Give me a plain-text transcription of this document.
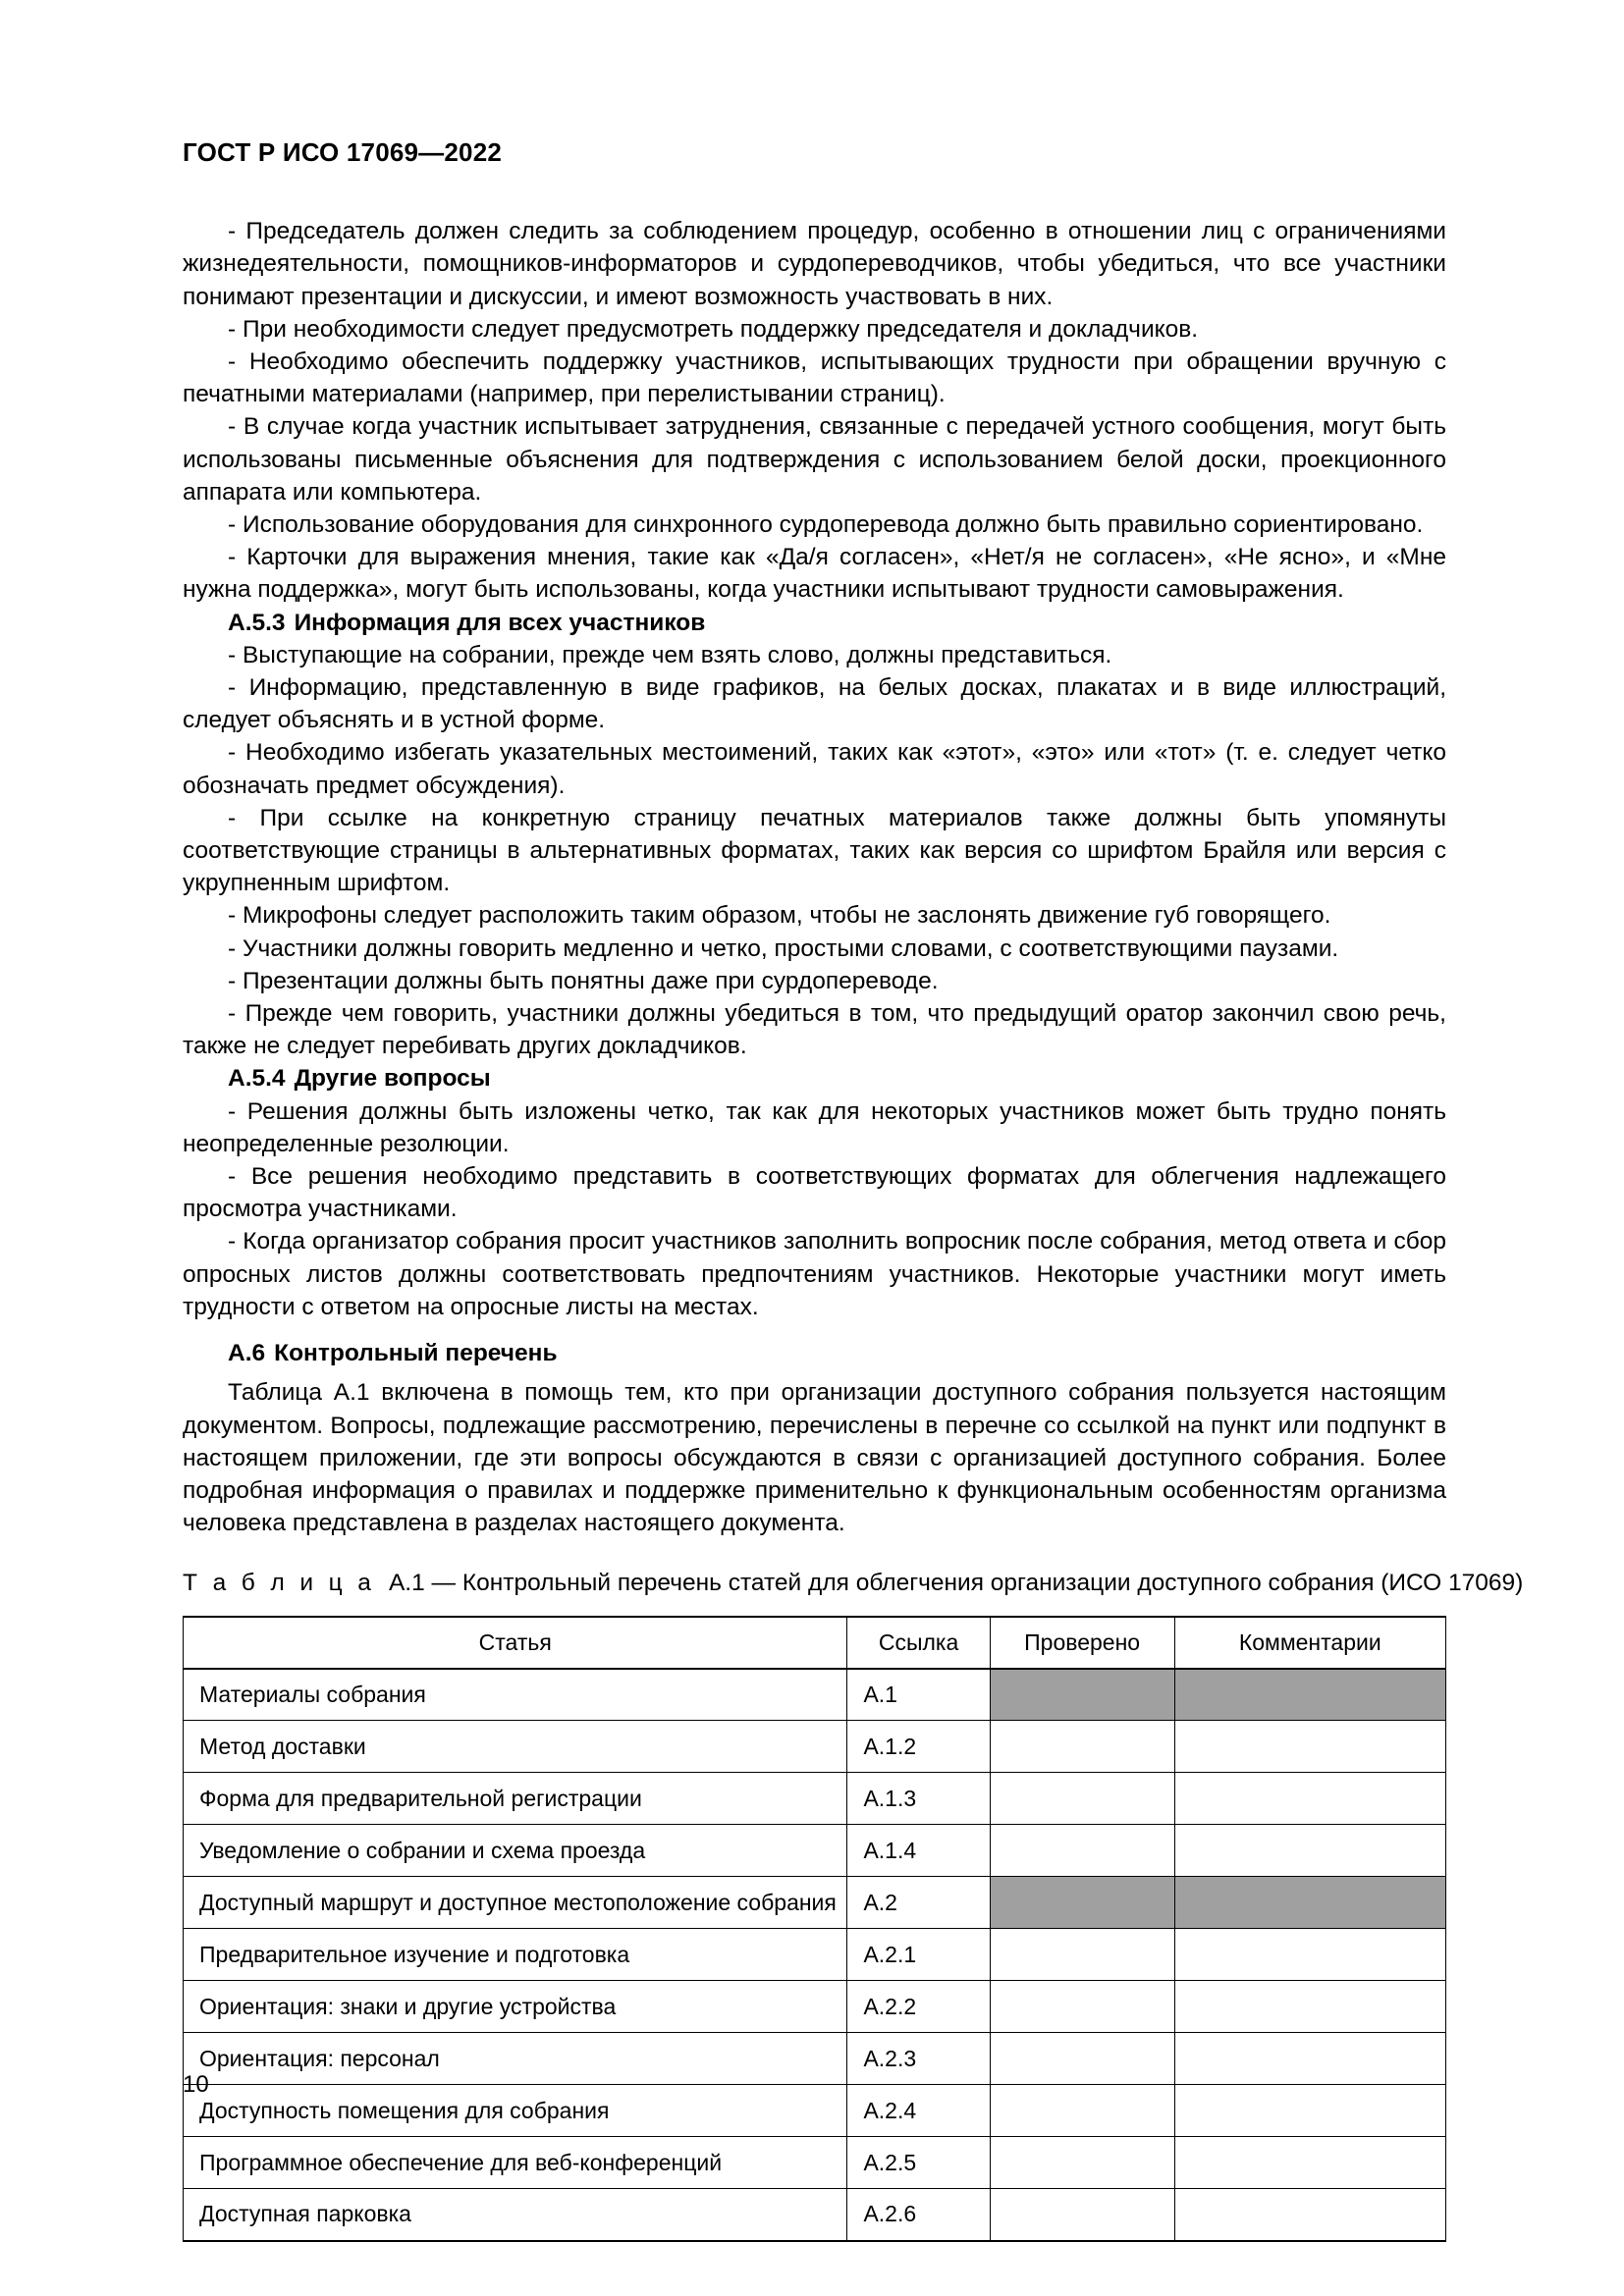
ГОСТ Р ИСО 17069—2022

- Председатель должен следить за соблюдением процедур, особенно в отношении лиц с ограничениями жизнедеятельности, помощников-информаторов и сурдопереводчиков, чтобы убедиться, что все участники понимают презентации и дискуссии, и имеют возможность участвовать в них.

- При необходимости следует предусмотреть поддержку председателя и докладчиков.

- Необходимо обеспечить поддержку участников, испытывающих трудности при обращении вручную с печатными материалами (например, при перелистывании страниц).

- В случае когда участник испытывает затруднения, связанные с передачей устного сообщения, могут быть использованы письменные объяснения для подтверждения с использованием белой доски, проекционного аппарата или компьютера.

- Использование оборудования для синхронного сурдоперевода должно быть правильно сориентировано.

- Карточки для выражения мнения, такие как «Да/я согласен», «Нет/я не согласен», «Не ясно», и «Мне нужна поддержка», могут быть использованы, когда участники испытывают трудности самовыражения.

А.5.3 Информация для всех участников

- Выступающие на собрании, прежде чем взять слово, должны представиться.

- Информацию, представленную в виде графиков, на белых досках, плакатах и в виде иллюстраций, следует объяснять и в устной форме.

- Необходимо избегать указательных местоимений, таких как «этот», «это» или «тот» (т. е. следует четко обозначать предмет обсуждения).

- При ссылке на конкретную страницу печатных материалов также должны быть упомянуты соответствующие страницы в альтернативных форматах, таких как версия со шрифтом Брайля или версия с укрупненным шрифтом.

- Микрофоны следует расположить таким образом, чтобы не заслонять движение губ говорящего.

- Участники должны говорить медленно и четко, простыми словами, с соответствующими паузами.

- Презентации должны быть понятны даже при сурдопереводе.

- Прежде чем говорить, участники должны убедиться в том, что предыдущий оратор закончил свою речь, также не следует перебивать других докладчиков.

А.5.4 Другие вопросы

- Решения должны быть изложены четко, так как для некоторых участников может быть трудно понять неопределенные резолюции.

- Все решения необходимо представить в соответствующих форматах для облегчения надлежащего просмотра участниками.

- Когда организатор собрания просит участников заполнить вопросник после собрания, метод ответа и сбор опросных листов должны соответствовать предпочтениям участников. Некоторые участники могут иметь трудности с ответом на опросные листы на местах.

А.6 Контрольный перечень

Таблица А.1 включена в помощь тем, кто при организации доступного собрания пользуется настоящим документом. Вопросы, подлежащие рассмотрению, перечислены в перечне со ссылкой на пункт или подпункт в настоящем приложении, где эти вопросы обсуждаются в связи с организацией доступного собрания. Более подробная информация о правилах и поддержке применительно к функциональным особенностям организма человека представлена в разделах настоящего документа.

Т а б л и ц а А.1 — Контрольный перечень статей для облегчения организации доступного собрания (ИСО 17069)

Статья	Ссылка	Проверено	Комментарии
Материалы собрания	А.1		
Метод доставки	А.1.2		
Форма для предварительной регистрации	А.1.3		
Уведомление о собрании и схема проезда	А.1.4		
Доступный маршрут и доступное местоположение собрания	А.2		
Предварительное изучение и подготовка	А.2.1		
Ориентация: знаки и другие устройства	А.2.2		
Ориентация: персонал	А.2.3		
Доступность помещения для собрания	А.2.4		
Программное обеспечение для веб-конференций	А.2.5		
Доступная парковка	А.2.6		
10
